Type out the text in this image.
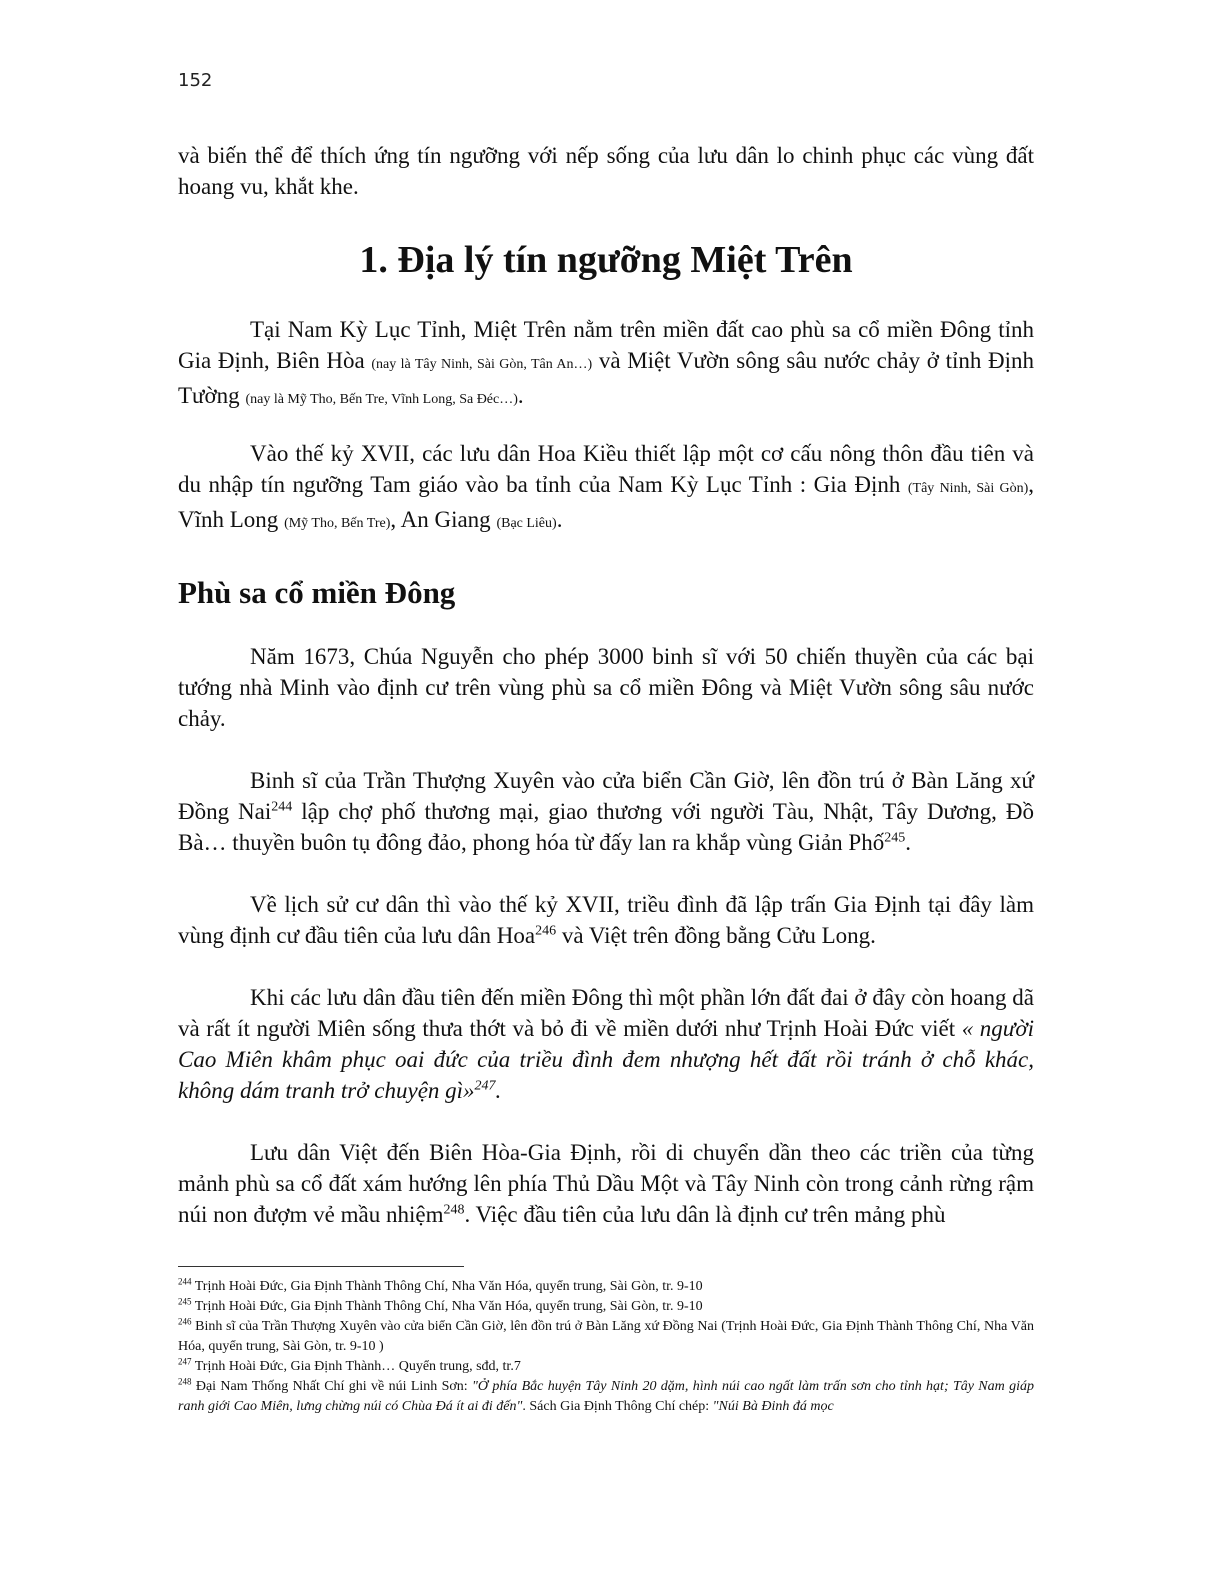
152

và biến thể để thích ứng tín ngưỡng với nếp sống của lưu dân lo chinh phục các vùng đất hoang vu, khắt khe.

1. Địa lý tín ngưỡng Miệt Trên

Tại Nam Kỳ Lục Tỉnh, Miệt Trên nằm trên miền đất cao phù sa cổ miền Đông tỉnh Gia Định, Biên Hòa (nay là Tây Ninh, Sài Gòn, Tân An…) và Miệt Vườn sông sâu nước chảy ở tỉnh Định Tường (nay là Mỹ Tho, Bến Tre, Vĩnh Long, Sa Đéc…).

Vào thế kỷ XVII, các lưu dân Hoa Kiều thiết lập một cơ cấu nông thôn đầu tiên và du nhập tín ngưỡng Tam giáo vào ba tỉnh của Nam Kỳ Lục Tỉnh : Gia Định (Tây Ninh, Sài Gòn), Vĩnh Long (Mỹ Tho, Bến Tre), An Giang (Bạc Liêu).

Phù sa cổ miền Đông

Năm 1673, Chúa Nguyễn cho phép 3000 binh sĩ với 50 chiến thuyền của các bại tướng nhà Minh vào định cư trên vùng phù sa cổ miền Đông và Miệt Vườn sông sâu nước chảy.

Binh sĩ của Trần Thượng Xuyên vào cửa biển Cần Giờ, lên đồn trú ở Bàn Lăng xứ Đồng Nai$^{244}$ lập chợ phố thương mại, giao thương với người Tàu, Nhật, Tây Dương, Đồ Bà… thuyền buôn tụ đông đảo, phong hóa từ đấy lan ra khắp vùng Giản Phố$^{245}$.

Về lịch sử cư dân thì vào thế kỷ XVII, triều đình đã lập trấn Gia Định tại đây làm vùng định cư đầu tiên của lưu dân Hoa$^{246}$ và Việt trên đồng bằng Cửu Long.

Khi các lưu dân đầu tiên đến miền Đông thì một phần lớn đất đai ở đây còn hoang dã và rất ít người Miên sống thưa thớt và bỏ đi về miền dưới như Trịnh Hoài Đức viết « người Cao Miên khâm phục oai đức của triều đình đem nhượng hết đất rồi tránh ở chỗ khác, không dám tranh trở chuyện gì»$^{247}$.

Lưu dân Việt đến Biên Hòa-Gia Định, rồi di chuyển dần theo các triền của từng mảnh phù sa cổ đất xám hướng lên phía Thủ Dầu Một và Tây Ninh còn trong cảnh rừng rậm núi non đượm vẻ mầu nhiệm$^{248}$. Việc đầu tiên của lưu dân là định cư trên mảng phù

$^{244}$ Trịnh Hoài Đức, Gia Định Thành Thông Chí, Nha Văn Hóa, quyển trung, Sài Gòn, tr. 9-10

$^{245}$ Trịnh Hoài Đức, Gia Định Thành Thông Chí, Nha Văn Hóa, quyển trung, Sài Gòn, tr. 9-10

$^{246}$ Binh sĩ của Trần Thượng Xuyên vào cửa biển Cần Giờ, lên đồn trú ở Bàn Lăng xứ Đồng Nai (Trịnh Hoài Đức, Gia Định Thành Thông Chí, Nha Văn Hóa, quyển trung, Sài Gòn, tr. 9-10 )

$^{247}$ Trịnh Hoài Đức, Gia Định Thành… Quyển trung, sđd, tr.7

$^{248}$ Đại Nam Thống Nhất Chí ghi về núi Linh Sơn: "Ở phía Bắc huyện Tây Ninh 20 dặm, hình núi cao ngất làm trấn sơn cho tỉnh hạt; Tây Nam giáp ranh giới Cao Miên, lưng chừng núi có Chùa Đá ít ai đi đến". Sách Gia Định Thông Chí chép: "Núi Bà Đinh đá mọc
